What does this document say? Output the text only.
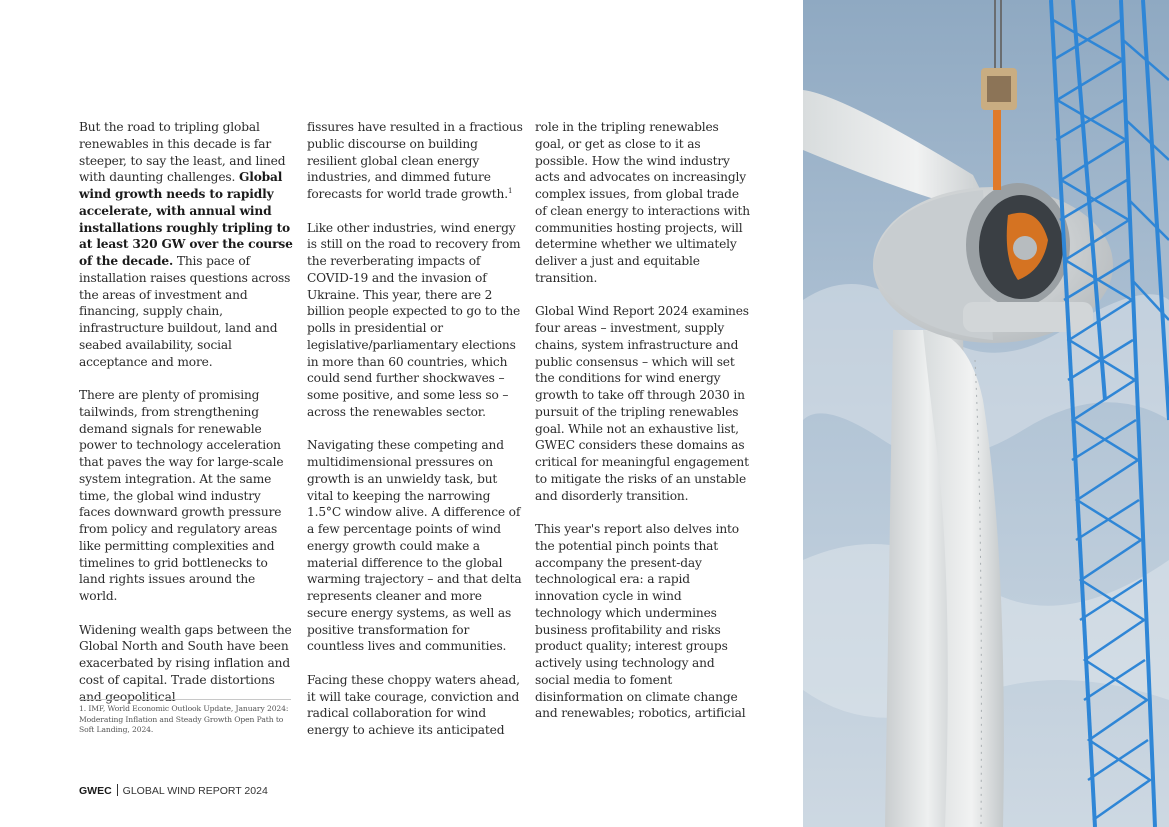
But the road to tripling global renewables in this decade is far steeper, to say the least, and lined with daunting challenges. Global wind growth needs to rapidly accelerate, with annual wind installations roughly tripling to at least 320 GW over the course of the decade. This pace of installation raises questions across the areas of investment and financing, supply chain, infrastructure buildout, land and seabed availability, social acceptance and more.

There are plenty of promising tailwinds, from strengthening demand signals for renewable power to technology acceleration that paves the way for large-scale system integration. At the same time, the global wind industry faces downward growth pressure from policy and regulatory areas like permitting complexities and timelines to grid bottlenecks to land rights issues around the world.

Widening wealth gaps between the Global North and South have been exacerbated by rising inflation and cost of capital. Trade distortions and geopolitical

fissures have resulted in a fractious public discourse on building resilient global clean energy industries, and dimmed future forecasts for world trade growth.$^1$

Like other industries, wind energy is still on the road to recovery from the reverberating impacts of COVID-19 and the invasion of Ukraine. This year, there are 2 billion people expected to go to the polls in presidential or legislative/parliamentary elections in more than 60 countries, which could send further shockwaves – some positive, and some less so – across the renewables sector.

Navigating these competing and multidimensional pressures on growth is an unwieldy task, but vital to keeping the narrowing 1.5°C window alive. A difference of a few percentage points of wind energy growth could make a material difference to the global warming trajectory – and that delta represents cleaner and more secure energy systems, as well as positive transformation for countless lives and communities.

Facing these choppy waters ahead, it will take courage, conviction and radical collaboration for wind energy to achieve its anticipated

role in the tripling renewables goal, or get as close to it as possible. How the wind industry acts and advocates on increasingly complex issues, from global trade of clean energy to interactions with communities hosting projects, will determine whether we ultimately deliver a just and equitable transition.

Global Wind Report 2024 examines four areas – investment, supply chains, system infrastructure and public consensus – which will set the conditions for wind energy growth to take off through 2030 in pursuit of the tripling renewables goal. While not an exhaustive list, GWEC considers these domains as critical for meaningful engagement to mitigate the risks of an unstable and disorderly transition.

This year's report also delves into the potential pinch points that accompany the present-day technological era: a rapid innovation cycle in wind technology which undermines business profitability and risks product quality; interest groups actively using technology and social media to foment disinformation on climate change and renewables; robotics, artificial

1. IMF, World Economic Outlook Update, January 2024: Moderating Inflation and Steady Growth Open Path to Soft Landing, 2024.
GWEC GLOBAL WIND REPORT 2024
